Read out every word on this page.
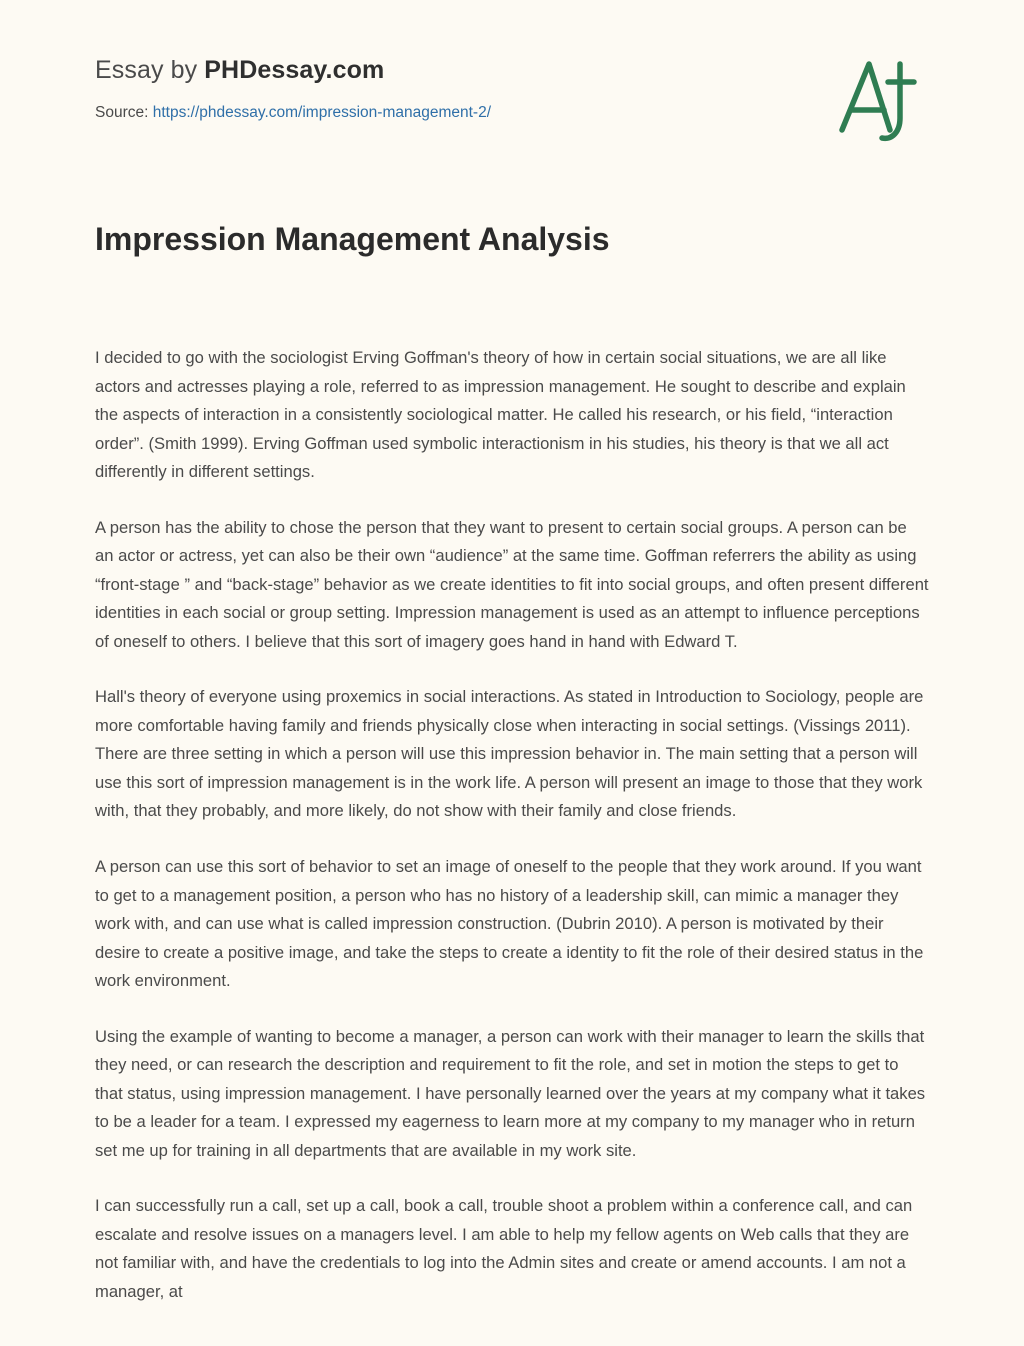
Essay by PHDessay.com
Source: https://phdessay.com/impression-management-2/
Impression Management Analysis

I decided to go with the sociologist Erving Goffman's theory of how in certain social situations, we are all like actors and actresses playing a role, referred to as impression management. He sought to describe and explain the aspects of interaction in a consistently sociological matter. He called his research, or his field, “interaction order”. (Smith 1999). Erving Goffman used symbolic interactionism in his studies, his theory is that we all act differently in different settings.

A person has the ability to chose the person that they want to present to certain social groups. A person can be an actor or actress, yet can also be their own “audience” at the same time. Goffman referrers the ability as using “front-stage ” and “back-stage” behavior as we create identities to fit into social groups, and often present different identities in each social or group setting. Impression management is used as an attempt to influence perceptions of oneself to others. I believe that this sort of imagery goes hand in hand with Edward T.

Hall's theory of everyone using proxemics in social interactions. As stated in Introduction to Sociology, people are more comfortable having family and friends physically close when interacting in social settings. (Vissings 2011). There are three setting in which a person will use this impression behavior in. The main setting that a person will use this sort of impression management is in the work life. A person will present an image to those that they work with, that they probably, and more likely, do not show with their family and close friends.

A person can use this sort of behavior to set an image of oneself to the people that they work around. If you want to get to a management position, a person who has no history of a leadership skill, can mimic a manager they work with, and can use what is called impression construction. (Dubrin 2010). A person is motivated by their desire to create a positive image, and take the steps to create a identity to fit the role of their desired status in the work environment.

Using the example of wanting to become a manager, a person can work with their manager to learn the skills that they need, or can research the description and requirement to fit the role, and set in motion the steps to get to that status, using impression management. I have personally learned over the years at my company what it takes to be a leader for a team. I expressed my eagerness to learn more at my company to my manager who in return set me up for training in all departments that are available in my work site.

I can successfully run a call, set up a call, book a call, trouble shoot a problem within a conference call, and can escalate and resolve issues on a managers level. I am able to help my fellow agents on Web calls that they are not familiar with, and have the credentials to log into the Admin sites and create or amend accounts. I am not a manager, at
